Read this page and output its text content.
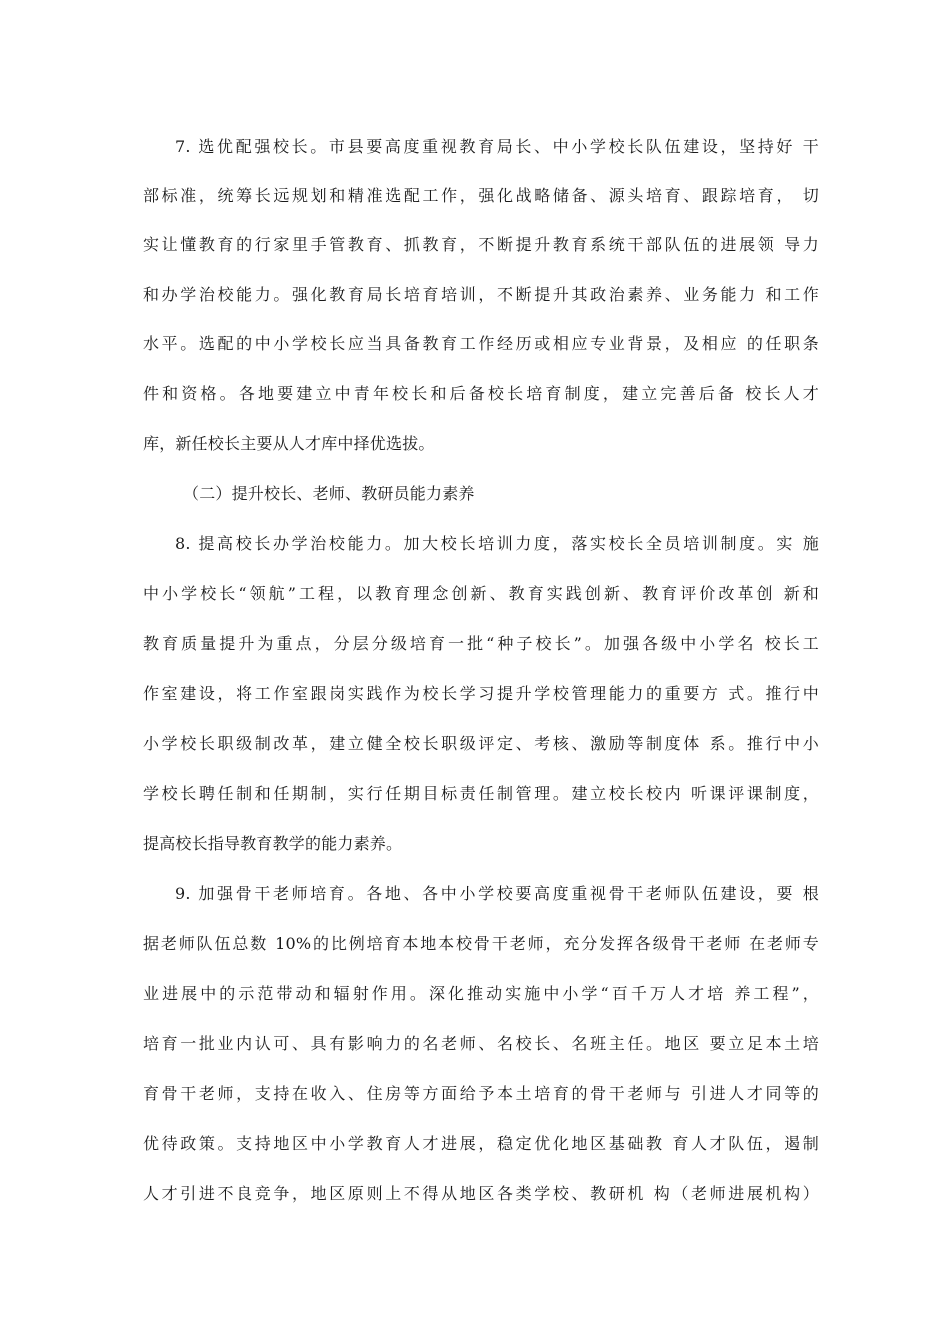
7. 选优配强校长。市县要高度重视教育局长、中小学校长队伍建设，坚持好 干

部标准，统筹长远规划和精准选配工作，强化战略储备、源头培育、跟踪培育， 切

实让懂教育的行家里手管教育、抓教育，不断提升教育系统干部队伍的进展领 导力

和办学治校能力。强化教育局长培育培训，不断提升其政治素养、业务能力 和工作

水平。选配的中小学校长应当具备教育工作经历或相应专业背景，及相应 的任职条

件和资格。各地要建立中青年校长和后备校长培育制度，建立完善后备 校长人才

库，新任校长主要从人才库中择优选拔。

（二）提升校长、老师、教研员能力素养

8. 提高校长办学治校能力。加大校长培训力度，落实校长全员培训制度。实 施

中小学校长“领航”工程，以教育理念创新、教育实践创新、教育评价改革创 新和

教育质量提升为重点，分层分级培育一批“种子校长”。加强各级中小学名 校长工

作室建设，将工作室跟岗实践作为校长学习提升学校管理能力的重要方 式。推行中

小学校长职级制改革，建立健全校长职级评定、考核、激励等制度体 系。推行中小

学校长聘任制和任期制，实行任期目标责任制管理。建立校长校内 听课评课制度，

提高校长指导教育教学的能力素养。

9. 加强骨干老师培育。各地、各中小学校要高度重视骨干老师队伍建设，要 根

据老师队伍总数 10%的比例培育本地本校骨干老师，充分发挥各级骨干老师 在老师专

业进展中的示范带动和辐射作用。深化推动实施中小学“百千万人才培 养工程”，

培育一批业内认可、具有影响力的名老师、名校长、名班主任。地区 要立足本土培

育骨干老师，支持在收入、住房等方面给予本土培育的骨干老师与 引进人才同等的

优待政策。支持地区中小学教育人才进展，稳定优化地区基础教 育人才队伍，遏制

人才引进不良竞争，地区原则上不得从地区各类学校、教研机 构（老师进展机构）
